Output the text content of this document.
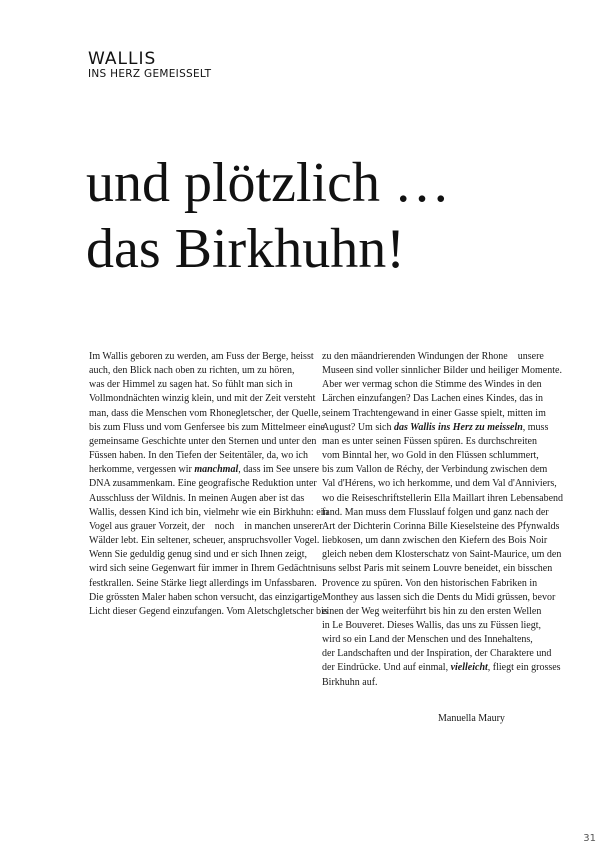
WALLIS
INS HERZ GEMEISSELT
und plötzlich …
das Birkhuhn!
Im Wallis geboren zu werden, am Fuss der Berge, heisst
auch, den Blick nach oben zu richten, um zu hören,
was der Himmel zu sagen hat. So fühlt man sich in
Vollmondnächten winzig klein, und mit der Zeit versteht
man, dass die Menschen vom Rhonegletscher, der Quelle,
bis zum Fluss und vom Genfersee bis zum Mittelmeer eine
gemeinsame Geschichte unter den Sternen und unter den
Füssen haben. In den Tiefen der Seitentäler, da, wo ich
herkomme, vergessen wir manchmal, dass im See unsere
DNA zusammenkam. Eine geografische Reduktion unter
Ausschluss der Wildnis. In meinen Augen aber ist das
Wallis, dessen Kind ich bin, vielmehr wie ein Birkhuhn: ein
Vogel aus grauer Vorzeit, der    noch    in manchen unserer
Wälder lebt. Ein seltener, scheuer, anspruchsvoller Vogel.
Wenn Sie geduldig genug sind und er sich Ihnen zeigt,
wird sich seine Gegenwart für immer in Ihrem Gedächtnis
festkrallen. Seine Stärke liegt allerdings im Unfassbaren.
Die grössten Maler haben schon versucht, das einzigartige
Licht dieser Gegend einzufangen. Vom Aletschgletscher bis
zu den mäandrierenden Windungen der Rhone    unsere
Museen sind voller sinnlicher Bilder und heiliger Momente.
Aber wer vermag schon die Stimme des Windes in den
Lärchen einzufangen? Das Lachen eines Kindes, das in
seinem Trachtengewand in einer Gasse spielt, mitten im
August? Um sich das Wallis ins Herz zu meisseln, muss
man es unter seinen Füssen spüren. Es durchschreiten
vom Binntal her, wo Gold in den Flüssen schlummert,
bis zum Vallon de Réchy, der Verbindung zwischen dem
Val d'Hérens, wo ich herkomme, und dem Val d'Anniviers,
wo die Reiseschriftstellerin Ella Maillart ihren Lebensabend
fand. Man muss dem Flusslauf folgen und ganz nach der
Art der Dichterin Corinna Bille Kieselsteine des Pfynwalds
liebkosen, um dann zwischen den Kiefern des Bois Noir
gleich neben dem Klosterschatz von Saint-Maurice, um den
uns selbst Paris mit seinem Louvre beneidet, ein bisschen
Provence zu spüren. Von den historischen Fabriken in
Monthey aus lassen sich die Dents du Midi grüssen, bevor
einen der Weg weiterführt bis hin zu den ersten Wellen
in Le Bouveret. Dieses Wallis, das uns zu Füssen liegt,
wird so ein Land der Menschen und des Innehaltens,
der Landschaften und der Inspiration, der Charaktere und
der Eindrücke. Und auf einmal, vielleicht, fliegt ein grosses
Birkhuhn auf.
Manuella Maury
31
